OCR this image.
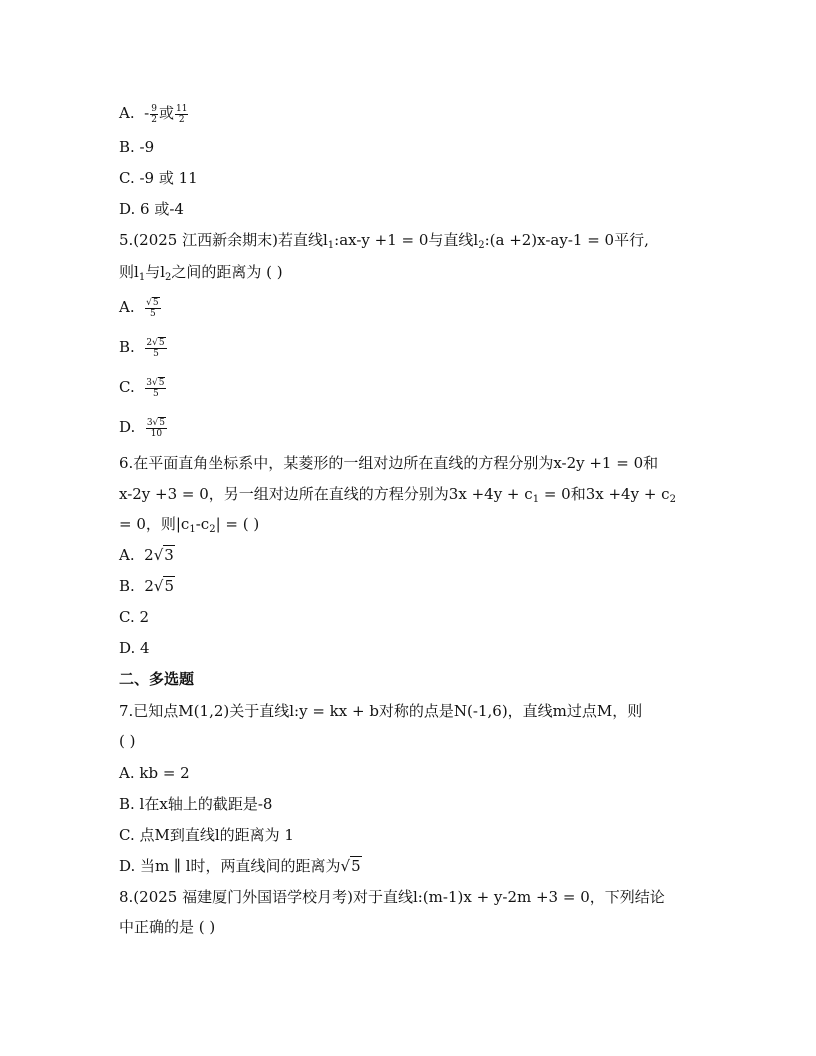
A. - $\frac{9}{2}$ 或 $\frac{11}{2}$
B. -9
C. -9 或 11
D. 6 或-4
5.(2025 江西新余期末)若直线$l_1:ax-y +1 = 0$与直线$l_2:(a +2)x-ay-1 = 0$平行,
则$l_1$与$l_2$之间的距离为 ( )
A. $\frac{√5}{5}$
B. $\frac{2√5}{5}$
C. $\frac{3√5}{5}$
D. $\frac{3√5}{10}$
6.在平面直角坐标系中，某菱形的一组对边所在直线的方程分别为x-2y +1 = 0和
x-2y +3 = 0，另一组对边所在直线的方程分别为$3x +4y + c_1 = 0$和$3x +4y + c_2$
= 0，则$|c_1-c_2|$ = ( )
A. 2√3
B. 2√5
C. 2
D. 4
二、多选题
7.已知点M(1,2)关于直线l:y = kx + b对称的点是N(-1,6)，直线m过点M，则
( )
A. kb = 2
B. l在x轴上的截距是-8
C. 点M到直线l的距离为 1
D. 当m ∥ l时，两直线间的距离为√5
8.(2025 福建厦门外国语学校月考)对于直线l:(m-1)x + y-2m +3 = 0，下列结论
中正确的是 ( )
